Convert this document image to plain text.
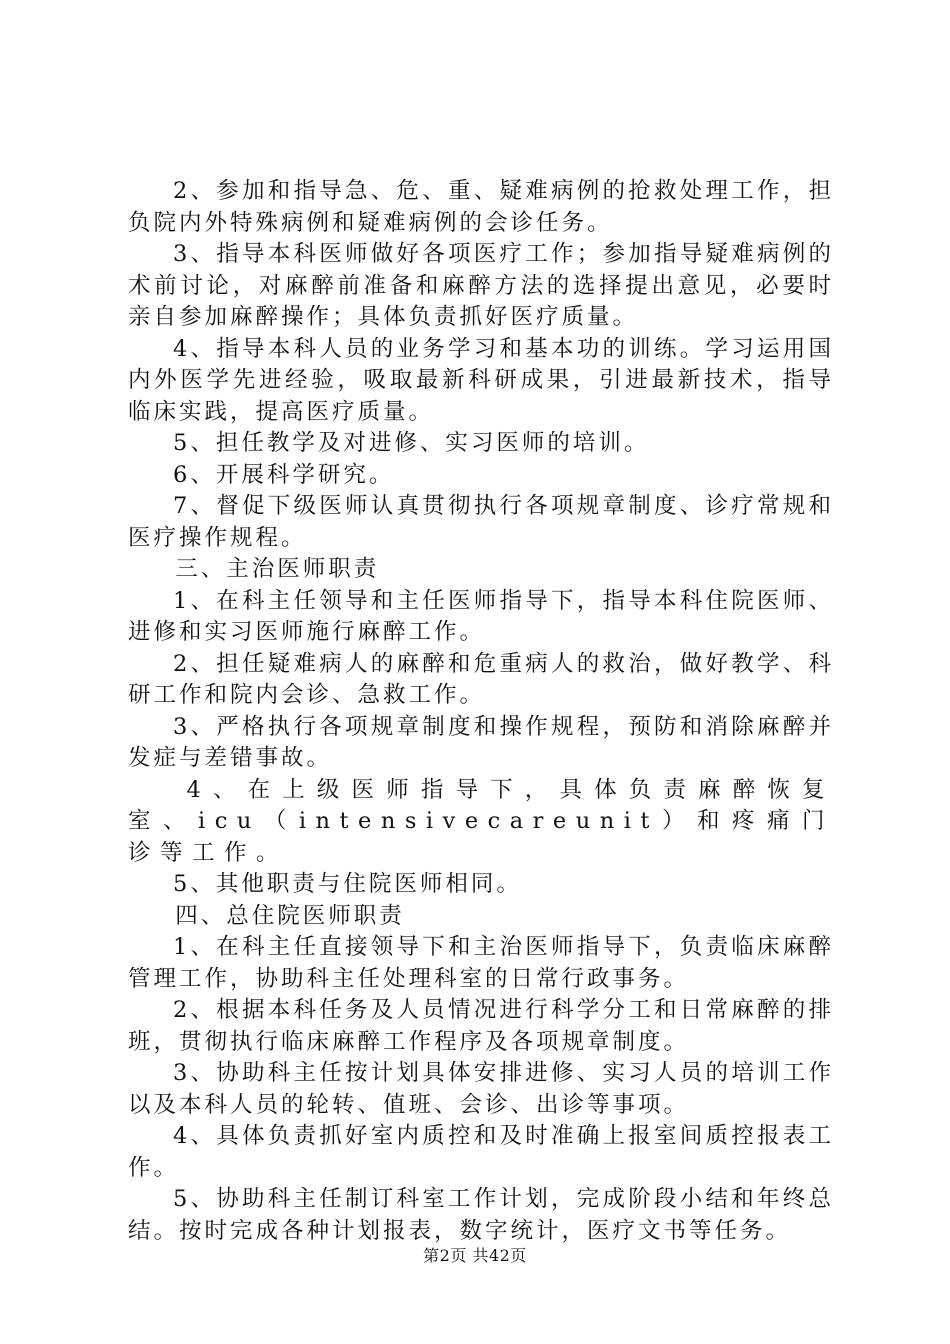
2、参加和指导急、危、重、疑难病例的抢救处理工作，担负院内外特殊病例和疑难病例的会诊任务。

3、指导本科医师做好各项医疗工作；参加指导疑难病例的术前讨论，对麻醉前准备和麻醉方法的选择提出意见，必要时亲自参加麻醉操作；具体负责抓好医疗质量。

4、指导本科人员的业务学习和基本功的训练。学习运用国内外医学先进经验，吸取最新科研成果，引进最新技术，指导临床实践，提高医疗质量。

5、担任教学及对进修、实习医师的培训。

6、开展科学研究。

7、督促下级医师认真贯彻执行各项规章制度、诊疗常规和医疗操作规程。

三、主治医师职责

1、在科主任领导和主任医师指导下，指导本科住院医师、进修和实习医师施行麻醉工作。

2、担任疑难病人的麻醉和危重病人的救治，做好教学、科研工作和院内会诊、急救工作。

3、严格执行各项规章制度和操作规程，预防和消除麻醉并发症与差错事故。

4、在上级医师指导下，具体负责麻醉恢复室、icu（intensivecareunit）和疼痛门诊等工作。

5、其他职责与住院医师相同。

四、总住院医师职责

1、在科主任直接领导下和主治医师指导下，负责临床麻醉管理工作，协助科主任处理科室的日常行政事务。

2、根据本科任务及人员情况进行科学分工和日常麻醉的排班，贯彻执行临床麻醉工作程序及各项规章制度。

3、协助科主任按计划具体安排进修、实习人员的培训工作以及本科人员的轮转、值班、会诊、出诊等事项。

4、具体负责抓好室内质控和及时准确上报室间质控报表工作。

5、协助科主任制订科室工作计划，完成阶段小结和年终总结。按时完成各种计划报表，数字统计，医疗文书等任务。

第2页 共42页
